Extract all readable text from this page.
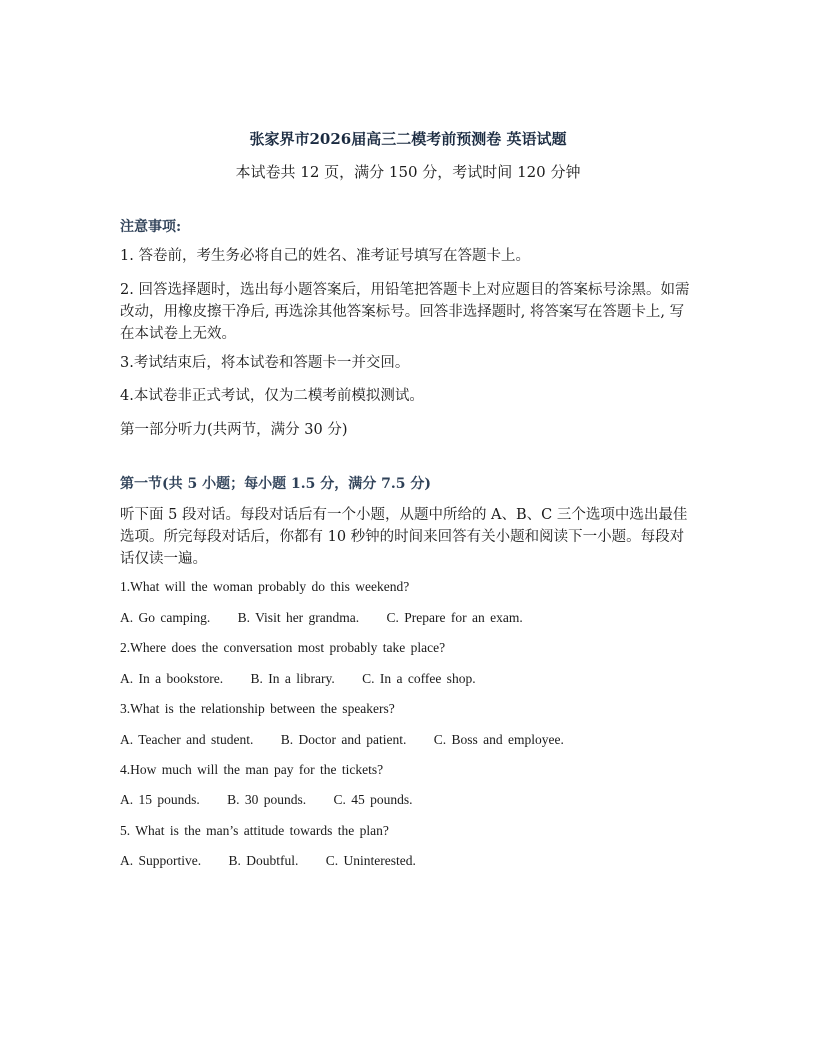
张家界市2026届高三二模考前预测卷 英语试题
本试卷共 12 页，满分 150 分，考试时间 120 分钟
注意事项:
1. 答卷前，考生务必将自己的姓名、准考证号填写在答题卡上。
2. 回答选择题时，选出每小题答案后，用铅笔把答题卡上对应题目的答案标号涂黑。如需改动，用橡皮擦干净后, 再选涂其他答案标号。回答非选择题时, 将答案写在答题卡上, 写在本试卷上无效。
3.考试结束后，将本试卷和答题卡一并交回。
4.本试卷非正式考试，仅为二模考前模拟测试。
第一部分听力(共两节，满分 30 分)
第一节(共 5 小题；每小题 1.5 分，满分 7.5 分)
听下面 5 段对话。每段对话后有一个小题，从题中所给的 A、B、C 三个选项中选出最佳选项。所完每段对话后，你都有 10 秒钟的时间来回答有关小题和阅读下一小题。每段对话仅读一遍。
1.What will the woman probably do this weekend?
A. Go camping. B. Visit her grandma. C. Prepare for an exam.
2.Where does the conversation most probably take place?
A. In a bookstore. B. In a library. C. In a coffee shop.
3.What is the relationship between the speakers?
A. Teacher and student. B. Doctor and patient. C. Boss and employee.
4.How much will the man pay for the tickets?
A. 15 pounds. B. 30 pounds. C. 45 pounds.
5. What is the man’s attitude towards the plan?
A. Supportive. B. Doubtful. C. Uninterested.
